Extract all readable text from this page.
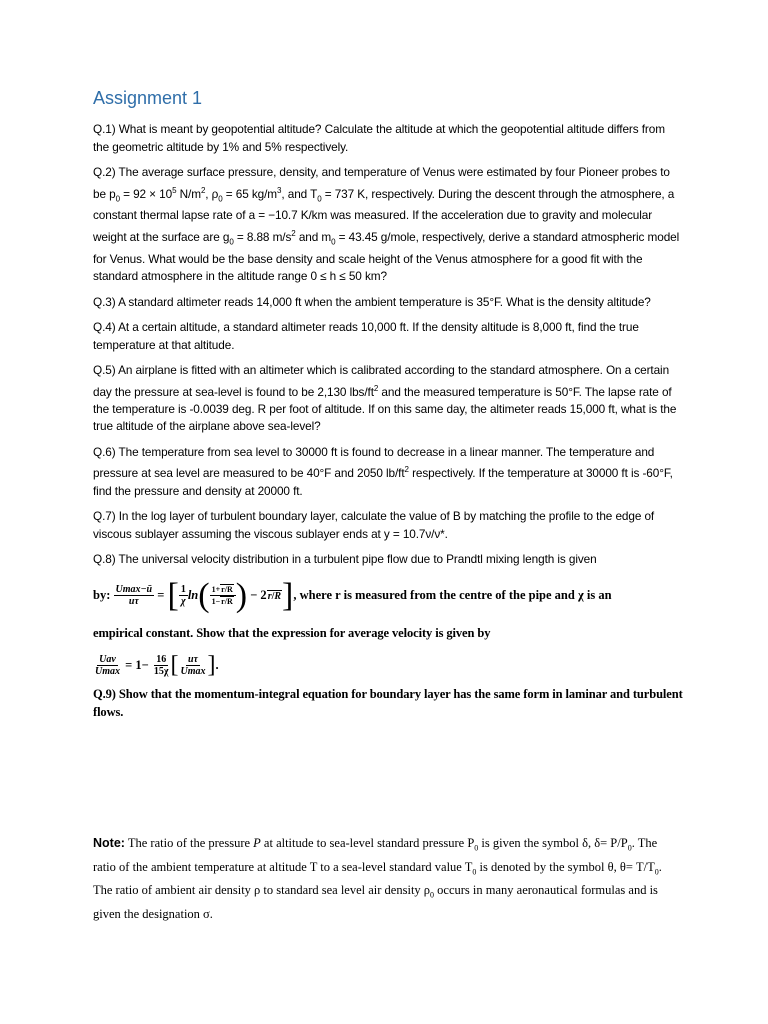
Assignment 1

Q.1) What is meant by geopotential altitude? Calculate the altitude at which the geopotential altitude differs from the geometric altitude by 1% and 5% respectively.

Q.2) The average surface pressure, density, and temperature of Venus were estimated by four Pioneer probes to be $p_0 = 92 \times 10^5$ $N/m^2$, $\rho_0 = 65$ $kg/m^3$, and $T_0 = 737$ K, respectively. During the descent through the atmosphere, a constant thermal lapse rate of a = −10.7 K/km was measured. If the acceleration due to gravity and molecular weight at the surface are $g_0 = 8.88$ $m/s^2$ and $m_0 = 43.45$ g/mole, respectively, derive a standard atmospheric model for Venus. What would be the base density and scale height of the Venus atmosphere for a good fit with the standard atmosphere in the altitude range 0 ≤ h ≤ 50 km?

Q.3) A standard altimeter reads 14,000 ft when the ambient temperature is 35°F. What is the density altitude?

Q.4) At a certain altitude, a standard altimeter reads 10,000 ft. If the density altitude is 8,000 ft, find the true temperature at that altitude.

Q.5) An airplane is fitted with an altimeter which is calibrated according to the standard atmosphere. On a certain day the pressure at sea-level is found to be 2,130 lbs/$ft^2$ and the measured temperature is 50°F. The lapse rate of the temperature is -0.0039 deg. R per foot of altitude. If on this same day, the altimeter reads 15,000 ft, what is the true altitude of the airplane above sea-level?

Q.6) The temperature from sea level to 30000 ft is found to decrease in a linear manner. The temperature and pressure at sea level are measured to be 40°F and 2050 $lb/ft^2$ respectively. If the temperature at 30000 ft is -60°F, find the pressure and density at 20000 ft.

Q.7) In the log layer of turbulent boundary layer, calculate the value of B by matching the profile to the edge of viscous sublayer assuming the viscous sublayer ends at y = 10.7ν/ν*.

Q.8) The universal velocity distribution in a turbulent pipe flow due to Prandtl mixing length is given

by:
$\frac{Umax-ū}{u\tau}$
=
[ $\frac{1}{\chi}$ ln ( $\frac{1+r/R}{1-r/R}$ )
− 2 r/R ] , where r is measured from the centre of the pipe and χ is an

empirical constant. Show that the expression for average velocity is given by

$\frac{\text{Uav}}{Umax}$
= 1−
$\frac{16}{15\chi}$ [ $\frac{u\tau}{Umax}$ ] .

Q.9) Show that the momentum-integral equation for boundary layer has the same form in laminar and turbulent flows.

Note: The ratio of the pressure P at altitude to sea-level standard pressure $P_0$ is given the symbol δ, $\delta= P/P_0$. The ratio of the ambient temperature at altitude T to a sea-level standard value $T_0$ is denoted by the symbol θ, $\theta= T/T_0$. The ratio of ambient air density ρ to standard sea level air density $\rho_0$ occurs in many aeronautical formulas and is given the designation σ.
